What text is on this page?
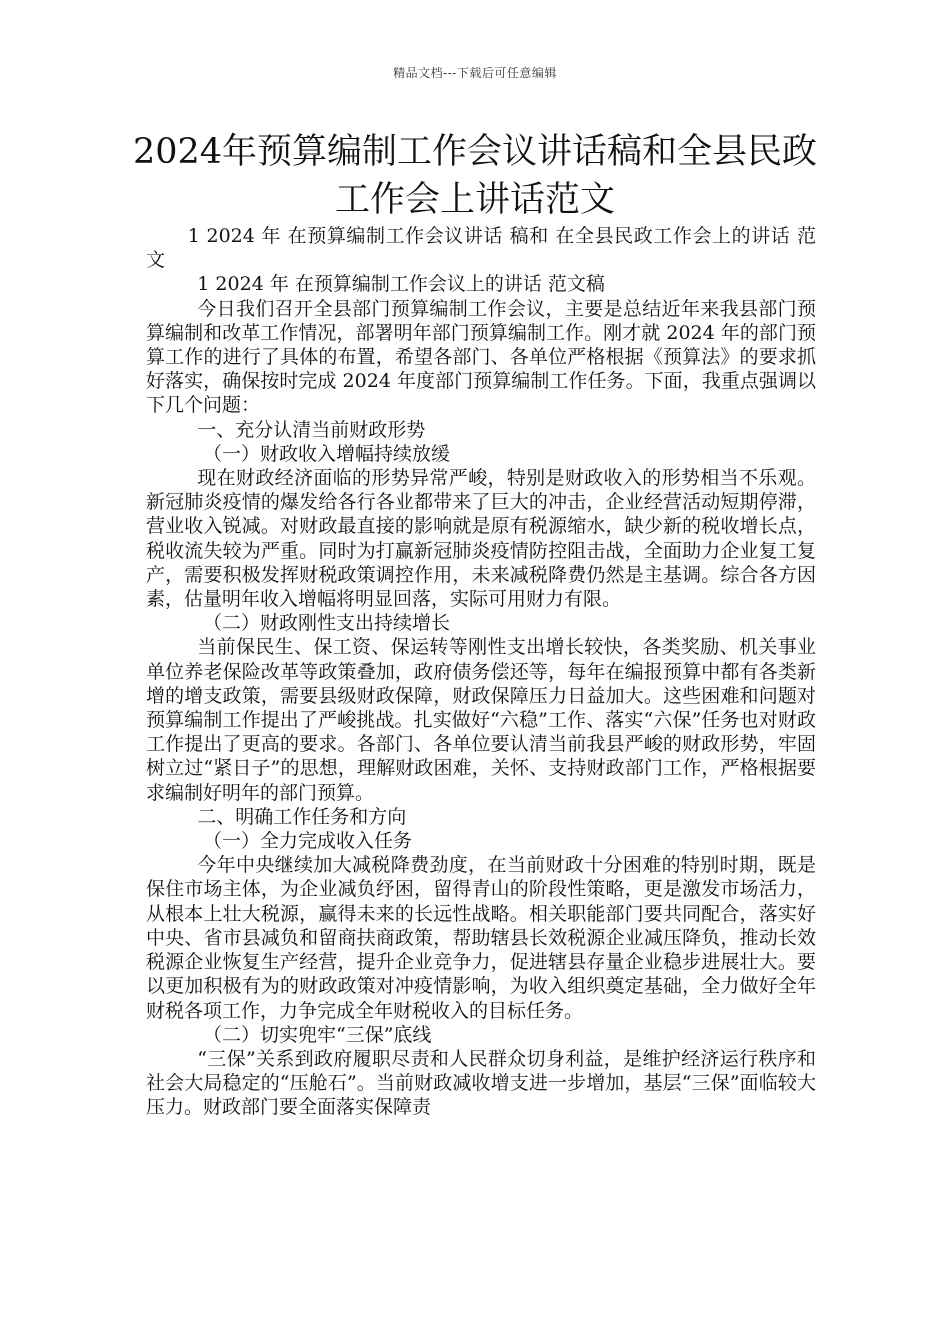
精品文档---下载后可任意编辑
2024年预算编制工作会议讲话稿和全县民政工作会上讲话范文

1 2024 年 在预算编制工作会议讲话 稿和 在全县民政工作会上的讲话 范文

1 2024 年 在预算编制工作会议上的讲话 范文稿

今日我们召开全县部门预算编制工作会议，主要是总结近年来我县部门预算编制和改革工作情况，部署明年部门预算编制工作。刚才就 2024 年的部门预算工作的进行了具体的布置，希望各部门、各单位严格根据《预算法》的要求抓好落实，确保按时完成 2024 年度部门预算编制工作任务。下面，我重点强调以下几个问题：

一、充分认清当前财政形势

（一）财政收入增幅持续放缓

现在财政经济面临的形势异常严峻，特别是财政收入的形势相当不乐观。新冠肺炎疫情的爆发给各行各业都带来了巨大的冲击，企业经营活动短期停滞，营业收入锐减。对财政最直接的影响就是原有税源缩水，缺少新的税收增长点，税收流失较为严重。同时为打赢新冠肺炎疫情防控阻击战，全面助力企业复工复产，需要积极发挥财税政策调控作用，未来减税降费仍然是主基调。综合各方因素，估量明年收入增幅将明显回落，实际可用财力有限。

（二）财政刚性支出持续增长

当前保民生、保工资、保运转等刚性支出增长较快，各类奖励、机关事业单位养老保险改革等政策叠加，政府债务偿还等，每年在编报预算中都有各类新增的增支政策，需要县级财政保障，财政保障压力日益加大。这些困难和问题对预算编制工作提出了严峻挑战。扎实做好“六稳”工作、落实“六保”任务也对财政工作提出了更高的要求。各部门、各单位要认清当前我县严峻的财政形势，牢固树立过“紧日子”的思想，理解财政困难，关怀、支持财政部门工作，严格根据要求编制好明年的部门预算。

二、明确工作任务和方向

（一）全力完成收入任务

今年中央继续加大减税降费劲度，在当前财政十分困难的特别时期，既是保住市场主体，为企业减负纾困，留得青山的阶段性策略，更是激发市场活力，从根本上壮大税源，赢得未来的长远性战略。相关职能部门要共同配合，落实好中央、省市县减负和留商扶商政策，帮助辖县长效税源企业减压降负，推动长效税源企业恢复生产经营，提升企业竞争力，促进辖县存量企业稳步进展壮大。要以更加积极有为的财政政策对冲疫情影响，为收入组织奠定基础，全力做好全年财税各项工作，力争完成全年财税收入的目标任务。

（二）切实兜牢“三保”底线

“三保”关系到政府履职尽责和人民群众切身利益，是维护经济运行秩序和社会大局稳定的“压舱石”。当前财政减收增支进一步增加，基层“三保”面临较大压力。财政部门要全面落实保障责
